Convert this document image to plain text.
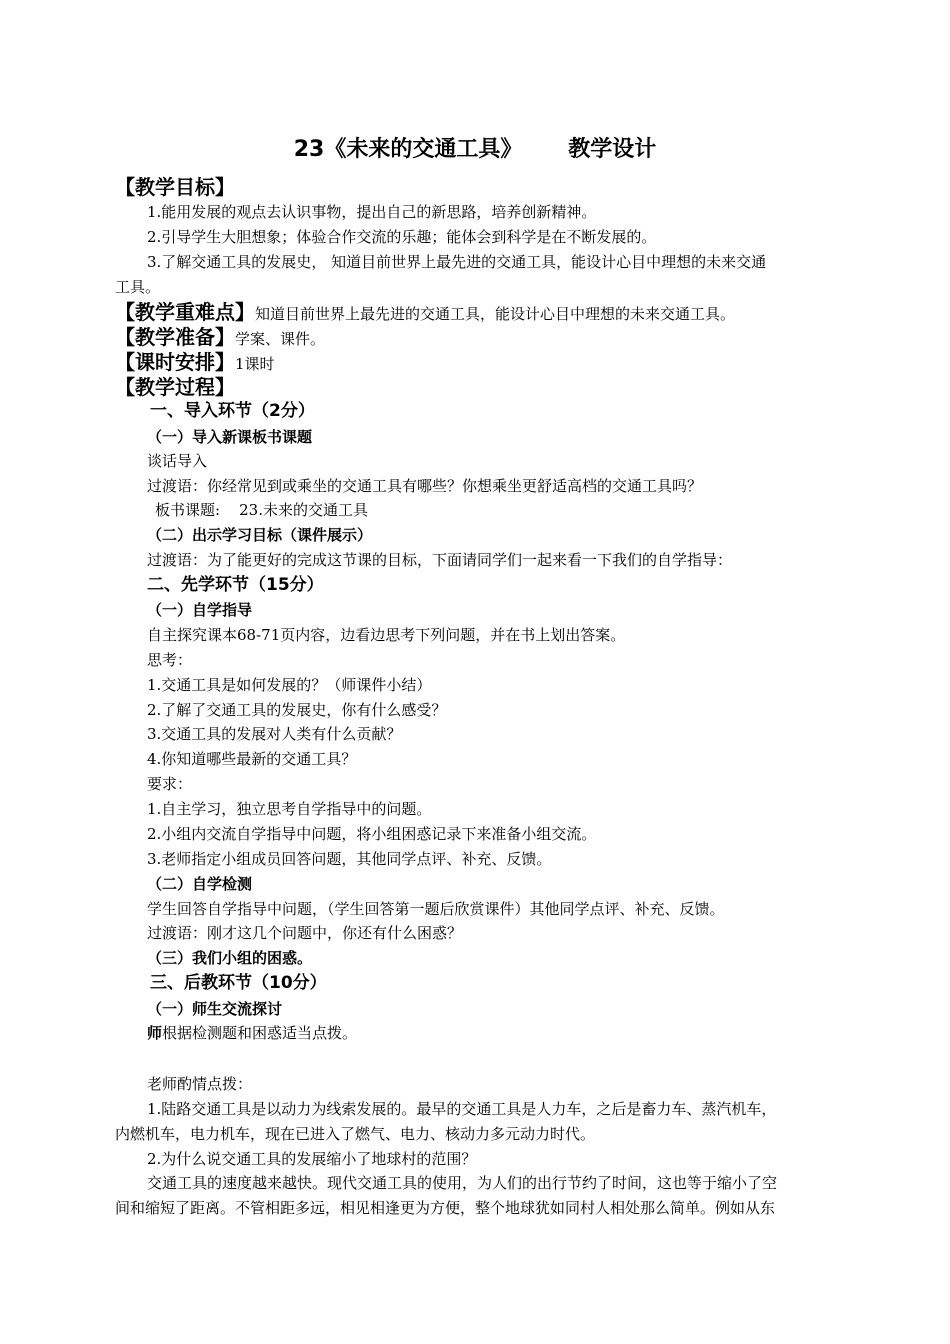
23《未来的交通工具》      教学设计
【教学目标】
1.能用发展的观点去认识事物，提出自己的新思路，培养创新精神。
2.引导学生大胆想象；体验合作交流的乐趣；能体会到科学是在不断发展的。
3.了解交通工具的发展史， 知道目前世界上最先进的交通工具，能设计心目中理想的未来交通
工具。
【教学重难点】知道目前世界上最先进的交通工具，能设计心目中理想的未来交通工具。
【教学准备】学案、课件。
【课时安排】1课时
【教学过程】
一、导入环节（2分）
（一）导入新课板书课题
谈话导入
过渡语：你经常见到或乘坐的交通工具有哪些？你想乘坐更舒适高档的交通工具吗？
板书课题:    23.未来的交通工具
（二）出示学习目标（课件展示）
过渡语：为了能更好的完成这节课的目标，下面请同学们一起来看一下我们的自学指导：
二、先学环节（15分）
（一）自学指导
自主探究课本68-71页内容，边看边思考下列问题，并在书上划出答案。
思考：
1.交通工具是如何发展的？（师课件小结）
2.了解了交通工具的发展史，你有什么感受？
3.交通工具的发展对人类有什么贡献？
4.你知道哪些最新的交通工具？
要求：
1.自主学习，独立思考自学指导中的问题。
2.小组内交流自学指导中问题，将小组困惑记录下来准备小组交流。
3.老师指定小组成员回答问题，其他同学点评、补充、反馈。
（二）自学检测
学生回答自学指导中问题，（学生回答第一题后欣赏课件）其他同学点评、补充、反馈。
过渡语：刚才这几个问题中，你还有什么困惑？
（三）我们小组的困惑。
三、后教环节（10分）
（一）师生交流探讨
师根据检测题和困惑适当点拨。
老师酌情点拨：
1.陆路交通工具是以动力为线索发展的。最早的交通工具是人力车，之后是畜力车、蒸汽机车，
内燃机车，电力机车，现在已进入了燃气、电力、核动力多元动力时代。
2.为什么说交通工具的发展缩小了地球村的范围？
交通工具的速度越来越快。现代交通工具的使用，为人们的出行节约了时间，这也等于缩小了空
间和缩短了距离。不管相距多远，相见相逢更为方便，整个地球犹如同村人相处那么简单。例如从东
